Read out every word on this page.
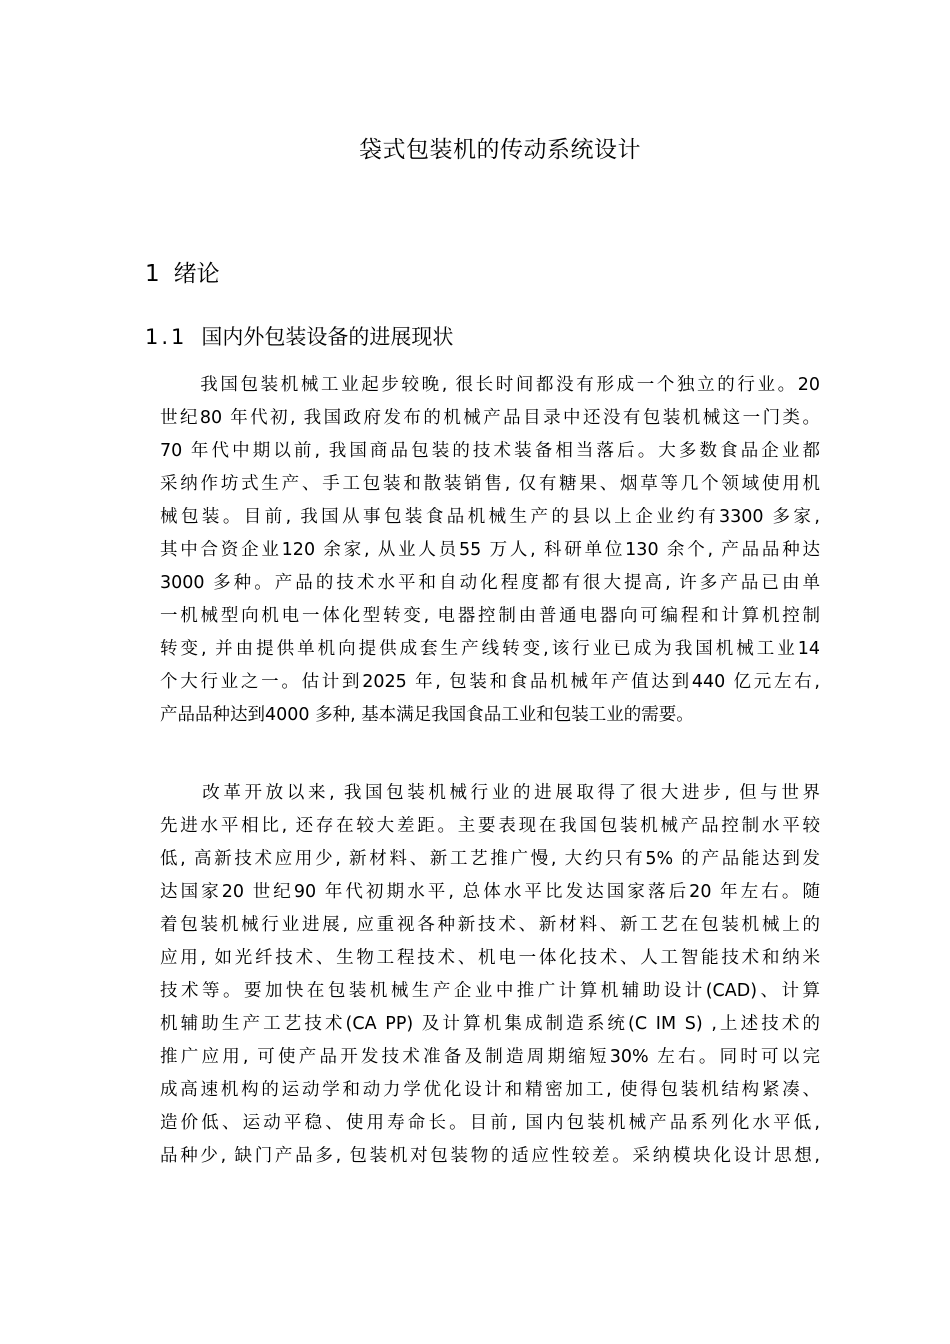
袋式包装机的传动系统设计
1 绪论
1.1 国内外包装设备的进展现状
　　我国包装机械工业起步较晚, 很长时间都没有形成一个独立的行业。20
世纪80 年代初, 我国政府发布的机械产品目录中还没有包装机械这一门类。
70 年代中期以前, 我国商品包装的技术装备相当落后。大多数食品企业都
采纳作坊式生产、手工包装和散装销售, 仅有糖果、烟草等几个领域使用机
械包装。目前, 我国从事包装食品机械生产的县以上企业约有3300 多家,
其中合资企业120 余家, 从业人员55 万人, 科研单位130 余个, 产品品种达
3000 多种。产品的技术水平和自动化程度都有很大提高, 许多产品已由单
一机械型向机电一体化型转变, 电器控制由普通电器向可编程和计算机控制
转变, 并由提供单机向提供成套生产线转变,该行业已成为我国机械工业14
个大行业之一。估计到2025 年, 包装和食品机械年产值达到440 亿元左右,
产品品种达到4000 多种, 基本满足我国食品工业和包装工业的需要。
　　改革开放以来, 我国包装机械行业的进展取得了很大进步, 但与世界
先进水平相比, 还存在较大差距。主要表现在我国包装机械产品控制水平较
低, 高新技术应用少, 新材料、新工艺推广慢, 大约只有5% 的产品能达到发
达国家20 世纪90 年代初期水平, 总体水平比发达国家落后20 年左右。随
着包装机械行业进展, 应重视各种新技术、新材料、新工艺在包装机械上的
应用, 如光纤技术、生物工程技术、机电一体化技术、人工智能技术和纳米
技术等。要加快在包装机械生产企业中推广计算机辅助设计(CAD)、计算
机辅助生产工艺技术(CA PP) 及计算机集成制造系统(C IM S) ,上述技术的
推广应用, 可使产品开发技术准备及制造周期缩短30% 左右。同时可以完
成高速机构的运动学和动力学优化设计和精密加工, 使得包装机结构紧凑、
造价低、运动平稳、使用寿命长。目前, 国内包装机械产品系列化水平低,
品种少, 缺门产品多, 包装机对包装物的适应性较差。采纳模块化设计思想,
